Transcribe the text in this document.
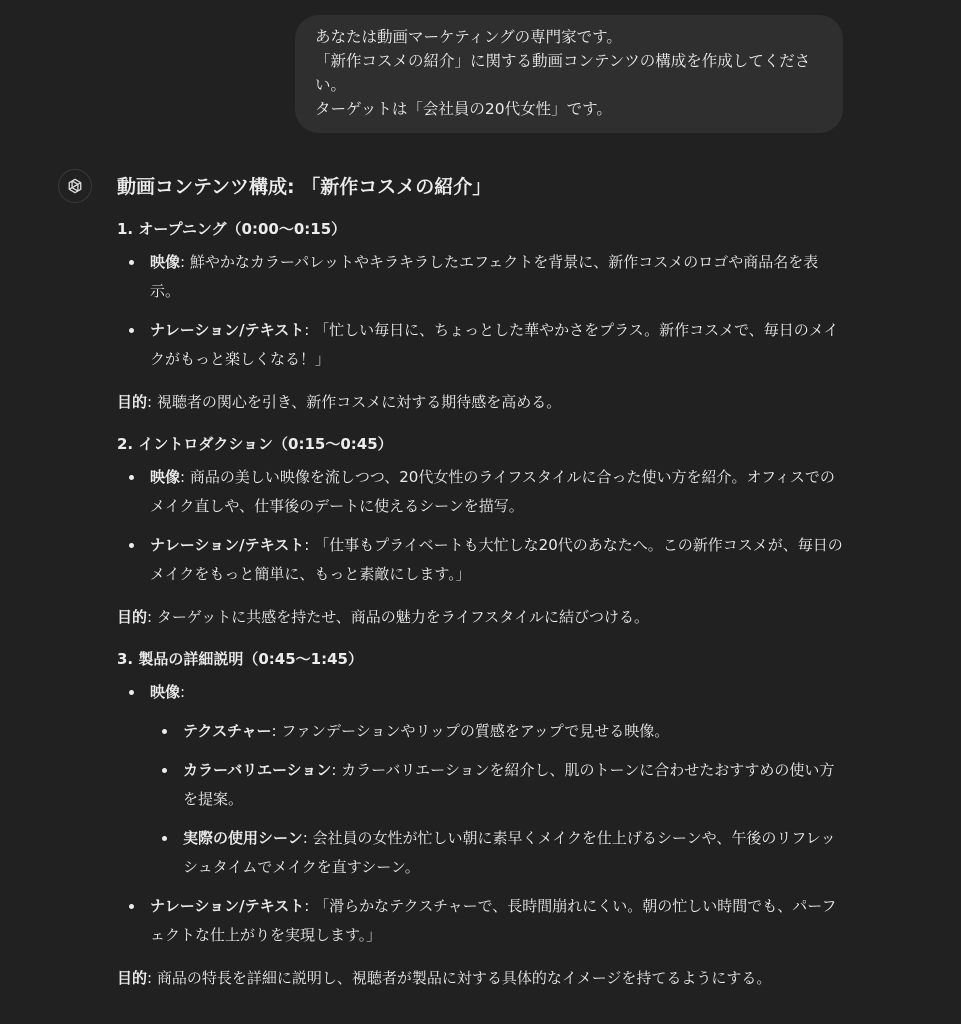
あなたは動画マーケティングの専門家です。
「新作コスメの紹介」に関する動画コンテンツの構成を作成してください。
ターゲットは「会社員の20代女性」です。
動画コンテンツ構成: 「新作コスメの紹介」
1. オープニング（0:00〜0:15）
映像: 鮮やかなカラーパレットやキラキラしたエフェクトを背景に、新作コスメのロゴや商品名を表示。
ナレーション/テキスト: 「忙しい毎日に、ちょっとした華やかさをプラス。新作コスメで、毎日のメイクがもっと楽しくなる！」
目的: 視聴者の関心を引き、新作コスメに対する期待感を高める。
2. イントロダクション（0:15〜0:45）
映像: 商品の美しい映像を流しつつ、20代女性のライフスタイルに合った使い方を紹介。オフィスでのメイク直しや、仕事後のデートに使えるシーンを描写。
ナレーション/テキスト: 「仕事もプライベートも大忙しな20代のあなたへ。この新作コスメが、毎日のメイクをもっと簡単に、もっと素敵にします。」
目的: ターゲットに共感を持たせ、商品の魅力をライフスタイルに結びつける。
3. 製品の詳細説明（0:45〜1:45）
映像:
テクスチャー: ファンデーションやリップの質感をアップで見せる映像。
カラーバリエーション: カラーバリエーションを紹介し、肌のトーンに合わせたおすすめの使い方を提案。
実際の使用シーン: 会社員の女性が忙しい朝に素早くメイクを仕上げるシーンや、午後のリフレッシュタイムでメイクを直すシーン。
ナレーション/テキスト: 「滑らかなテクスチャーで、長時間崩れにくい。朝の忙しい時間でも、パーフェクトな仕上がりを実現します。」
目的: 商品の特長を詳細に説明し、視聴者が製品に対する具体的なイメージを持てるようにする。
